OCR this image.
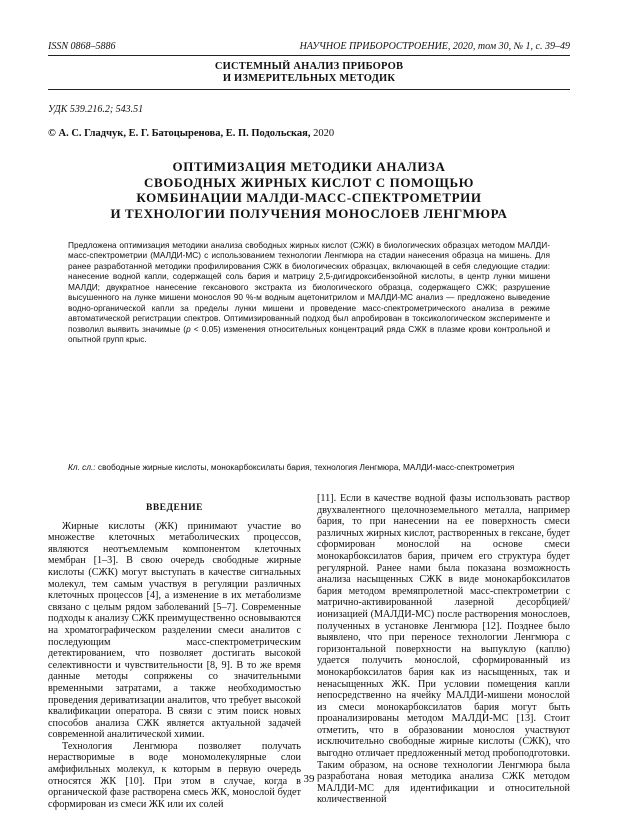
ISSN 0868–5886	НАУЧНОЕ ПРИБОРОСТРОЕНИЕ, 2020, том 30, № 1, с. 39–49
СИСТЕМНЫЙ АНАЛИЗ ПРИБОРОВ
И ИЗМЕРИТЕЛЬНЫХ МЕТОДИК
УДК 539.216.2; 543.51
© А. С. Гладчук, Е. Г. Батоцыренова, Е. П. Подольская, 2020
ОПТИМИЗАЦИЯ МЕТОДИКИ АНАЛИЗА
СВОБОДНЫХ ЖИРНЫХ КИСЛОТ С ПОМОЩЬЮ
КОМБИНАЦИИ МАЛДИ-МАСС-СПЕКТРОМЕТРИИ
И ТЕХНОЛОГИИ ПОЛУЧЕНИЯ МОНОСЛОЕВ ЛЕНГМЮРА
Предложена оптимизация методики анализа свободных жирных кислот (СЖК) в биологических образцах методом МАЛДИ-масс-спектрометрии (МАЛДИ-МС) с использованием технологии Ленгмюра на стадии нанесения образца на мишень. Для ранее разработанной методики профилирования СЖК в биологических образцах, включающей в себя следующие стадии: нанесение водной капли, содержащей соль бария и матрицу 2,5-дигидроксибензойной кислоты, в центр лунки мишени МАЛДИ; двукратное нанесение гексанового экстракта из биологического образца, содержащего СЖК; разрушение высушенного на лунке мишени монослоя 90 %-м водным ацетонитрилом и МАЛДИ-МС анализ — предложено выведение водно-органической капли за пределы лунки мишени и проведение масс-спектрометрического анализа в режиме автоматической регистрации спектров. Оптимизированный подход был апробирован в токсикологическом эксперименте и позволил выявить значимые (p < 0.05) изменения относительных концентраций ряда СЖК в плазме крови контрольной и опытной групп крыс.
Кл. сл.: свободные жирные кислоты, монокарбоксилаты бария, технология Ленгмюра, МАЛДИ-масс-спектрометрия
ВВЕДЕНИЕ

Жирные кислоты (ЖК) принимают участие во множестве клеточных метаболических процессов, являются неотъемлемым компонентом клеточных мембран [1–3]. В свою очередь свободные жирные кислоты (СЖК) могут выступать в качестве сигнальных молекул, тем самым участвуя в регуляции различных клеточных процессов [4], а изменение в их метаболизме связано с целым рядом заболеваний [5–7]. Современные подходы к анализу СЖК преимущественно основываются на хроматографическом разделении смеси аналитов с последующим масс-спектрометрическим детектированием, что позволяет достигать высокой селективности и чувствительности [8, 9]. В то же время данные методы сопряжены со значительными временными затратами, а также необходимостью проведения дериватизации аналитов, что требует высокой квалификации оператора. В связи с этим поиск новых способов анализа СЖК является актуальной задачей современной аналитической химии.

Технология Ленгмюра позволяет получать нерастворимые в воде мономолекулярные слои амфифильных молекул, к которым в первую очередь относятся ЖК [10]. При этом в случае, когда в органической фазе растворена смесь ЖК, монослой будет сформирован из смеси ЖК или их солей

[11]. Если в качестве водной фазы использовать раствор двухвалентного щелочноземельного металла, например бария, то при нанесении на ее поверхность смеси различных жирных кислот, растворенных в гексане, будет сформирован монослой на основе смеси монокарбоксилатов бария, причем его структура будет регулярной. Ранее нами была показана возможность анализа насыщенных СЖК в виде монокарбоксилатов бария методом времяпролетной масс-спектрометрии с матрично-активированной лазерной десорбцией/ионизацией (МАЛДИ-МС) после растворения монослоев, полученных в установке Ленгмюра [12]. Позднее было выявлено, что при переносе технологии Ленгмюра с горизонтальной поверхности на выпуклую (каплю) удается получить монослой, сформированный из монокарбоксилатов бария как из насыщенных, так и ненасыщенных ЖК. При условии помещения капли непосредственно на ячейку МАЛДИ-мишени монослой из смеси монокарбоксилатов бария могут быть проанализированы методом МАЛДИ-МС [13]. Стоит отметить, что в образовании монослоя участвуют исключительно свободные жирные кислоты (СЖК), что выгодно отличает предложенный метод пробоподготовки. Таким образом, на основе технологии Ленгмюра была разработана новая методика анализа СЖК методом МАЛДИ-МС для идентификации и относительной количественной

39
